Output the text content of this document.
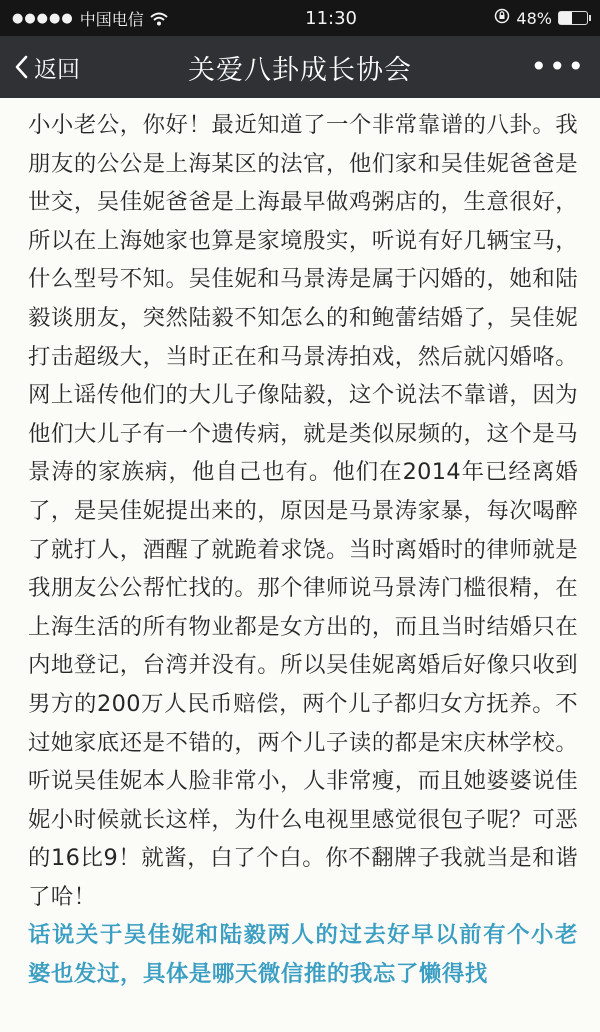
●●●●● 中国电信	11:30	48%
返回	关爱八卦成长协会	•••

小小老公，你好！最近知道了一个非常靠谱的八卦。我朋友的公公是上海某区的法官，他们家和吴佳妮爸爸是世交，吴佳妮爸爸是上海最早做鸡粥店的，生意很好，所以在上海她家也算是家境殷实，听说有好几辆宝马，什么型号不知。吴佳妮和马景涛是属于闪婚的，她和陆毅谈朋友，突然陆毅不知怎么的和鲍蕾结婚了，吴佳妮打击超级大，当时正在和马景涛拍戏，然后就闪婚咯。网上谣传他们的大儿子像陆毅，这个说法不靠谱，因为他们大儿子有一个遗传病，就是类似尿频的，这个是马景涛的家族病，他自己也有。他们在2014年已经离婚了，是吴佳妮提出来的，原因是马景涛家暴，每次喝醉了就打人，酒醒了就跪着求饶。当时离婚时的律师就是我朋友公公帮忙找的。那个律师说马景涛门槛很精，在上海生活的所有物业都是女方出的，而且当时结婚只在内地登记，台湾并没有。所以吴佳妮离婚后好像只收到男方的200万人民币赔偿，两个儿子都归女方抚养。不过她家底还是不错的，两个儿子读的都是宋庆林学校。听说吴佳妮本人脸非常小，人非常瘦，而且她婆婆说佳妮小时候就长这样，为什么电视里感觉很包子呢？可恶的16比9！就酱，白了个白。你不翻牌子我就当是和谐了哈！

话说关于吴佳妮和陆毅两人的过去好早以前有个小老婆也发过，具体是哪天微信推的我忘了懒得找
